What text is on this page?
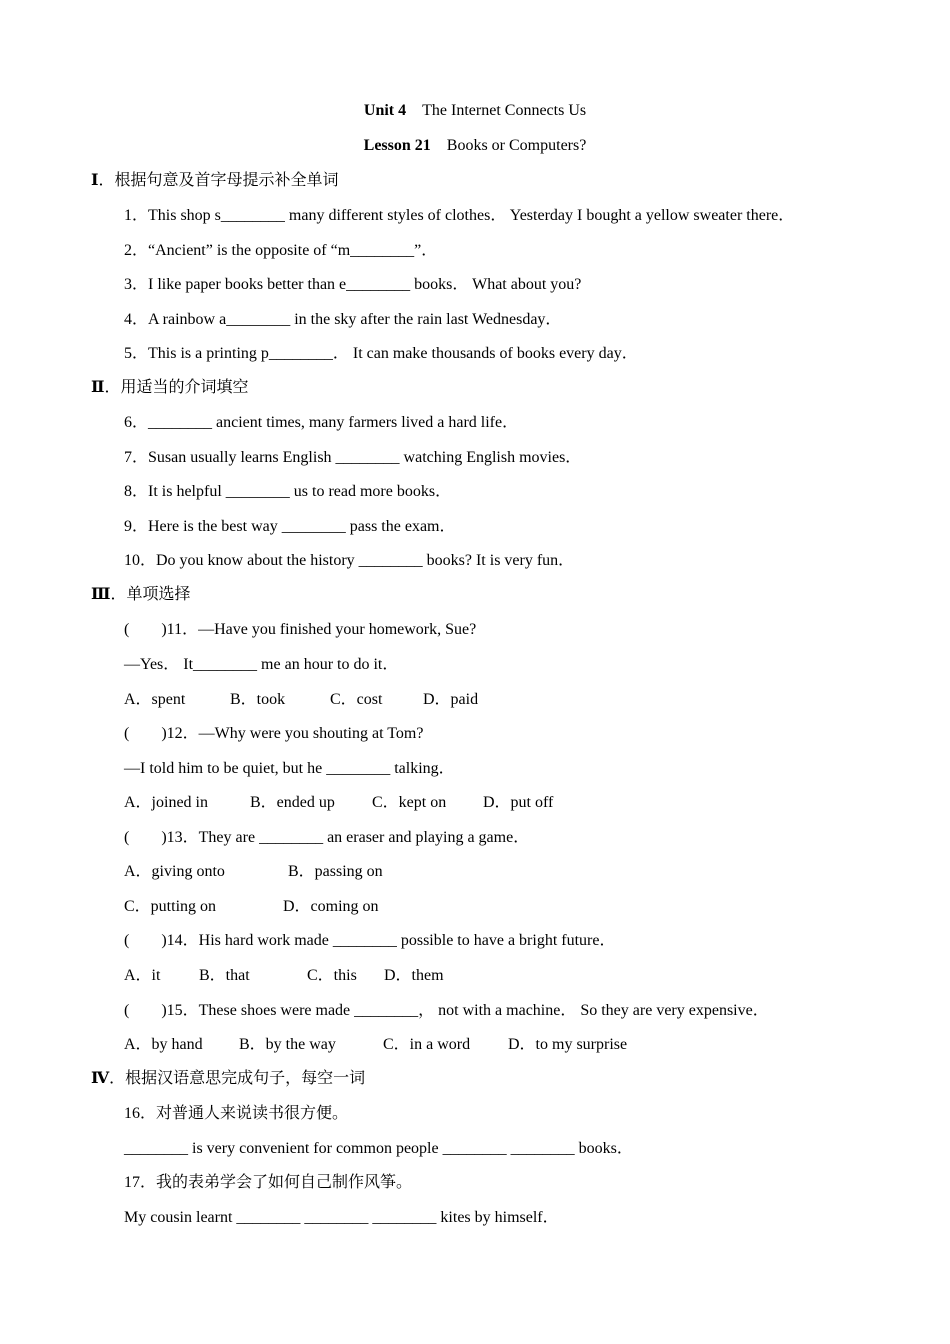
Unit 4 The Internet Connects Us
Lesson 21 Books or Computers?
Ⅰ．根据句意及首字母提示补全单词
1．This shop s________ many different styles of clothes． Yesterday I bought a yellow sweater there．
2．“Ancient” is the opposite of “m________”．
3．I like paper books better than e________ books． What about you?
4．A rainbow a________ in the sky after the rain last Wednesday．
5．This is a printing p________． It can make thousands of books every day．
Ⅱ．用适当的介词填空
6．________ ancient times, many farmers lived a hard life．
7．Susan usually learns English ________ watching English movies．
8．It is helpful ________ us to read more books．
9．Here is the best way ________ pass the exam．
10．Do you know about the history ________ books? It is very fun．
Ⅲ．单项选择
(　　)11．—Have you finished your homework, Sue?
—Yes． It________ me an hour to do it．
A．spent	B．took	C．cost	D．paid
(　　)12．—Why were you shouting at Tom?
—I told him to be quiet, but he ________ talking．
A．joined in	B．ended up C．kept on D．put off
(　　)13．They are ________ an eraser and playing a game．
A．giving onto	B．passing on
C．putting on	D．coming on
(　　)14．His hard work made ________ possible to have a bright future．
A．it B．that	C．this D．them
(　　)15．These shoes were made ________， not with a machine． So they are very expensive．
A．by hand B．by the way	C．in a word D．to my surprise
Ⅳ．根据汉语意思完成句子，每空一词
16．对普通人来说读书很方便。
________ is very convenient for common people ________ ________ books．
17．我的表弟学会了如何自己制作风筝。
My cousin learnt ________ ________ ________ kites by himself．
